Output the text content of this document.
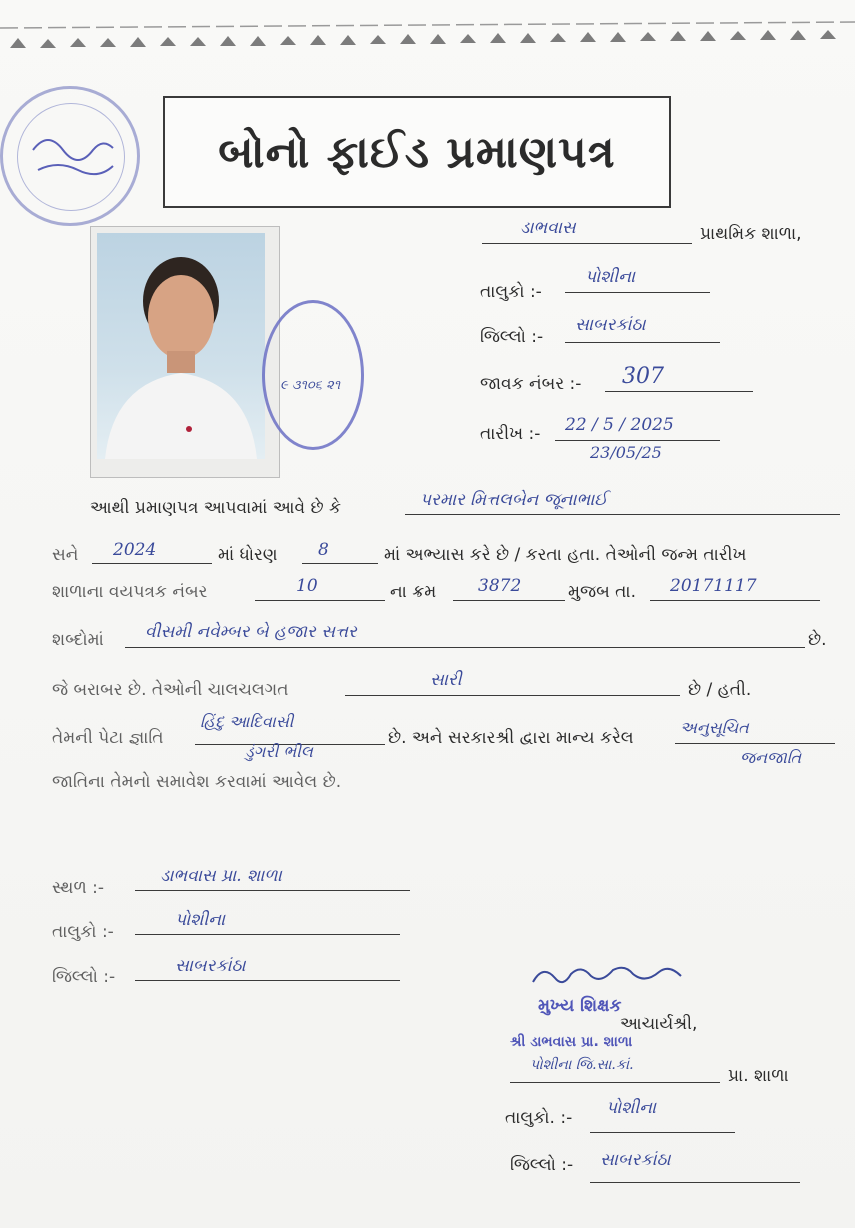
બોનો ફાઈડ પ્રમાણપત્ર
૯ ૩૧૦૬ ૨૧
ડાભવાસ	પ્રાથમિક શાળા,
તાલુકો :-
પોશીના
જિલ્લો :-
સાબરકાંઠા
જાવક નંબર :- 307
તારીખ :- 22 / 5 / 2025
23/05/25
આથી પ્રમાણપત્ર આપવામાં આવે છે કે	પરમાર મિત્તલબેન જૂનાભાઈ
સને 2024	માં ધોરણ 8	માં અભ્યાસ કરે છે / કરતા હતા. તેઓની જન્મ તારીખ
શાળાના વયપત્રક નંબર	10	ના ક્રમ 3872	મુજબ તા. 20171117
શબ્દોમાં વીસમી નવેમ્બર બે હજાર સત્તર	છે.
જે બરાબર છે. તેઓની ચાલચલગત	સારી	છે / હતી.
તેમની પેટા જ્ઞાતિ
હિંદુ આદિવાસી
ડુંગરી ભીલ
છે. અને સરકારશ્રી દ્વારા માન્ય કરેલ
અનુસૂચિત
જનજાતિ
જાતિના તેમનો સમાવેશ કરવામાં આવેલ છે.
સ્થળ :-
ડાભવાસ પ્રા. શાળા
તાલુકો :-
પોશીના
જિલ્લો :-
સાબરકાંઠા
મુખ્ય શિક્ષક
આચાર્યશ્રી,
શ્રી ડાભવાસ પ્રા. શાળા
પોશીના જિ.સા.કાં.
પ્રા. શાળા
તાલુકો. :- પોશીના
જિલ્લો :- સાબરકાંઠા
